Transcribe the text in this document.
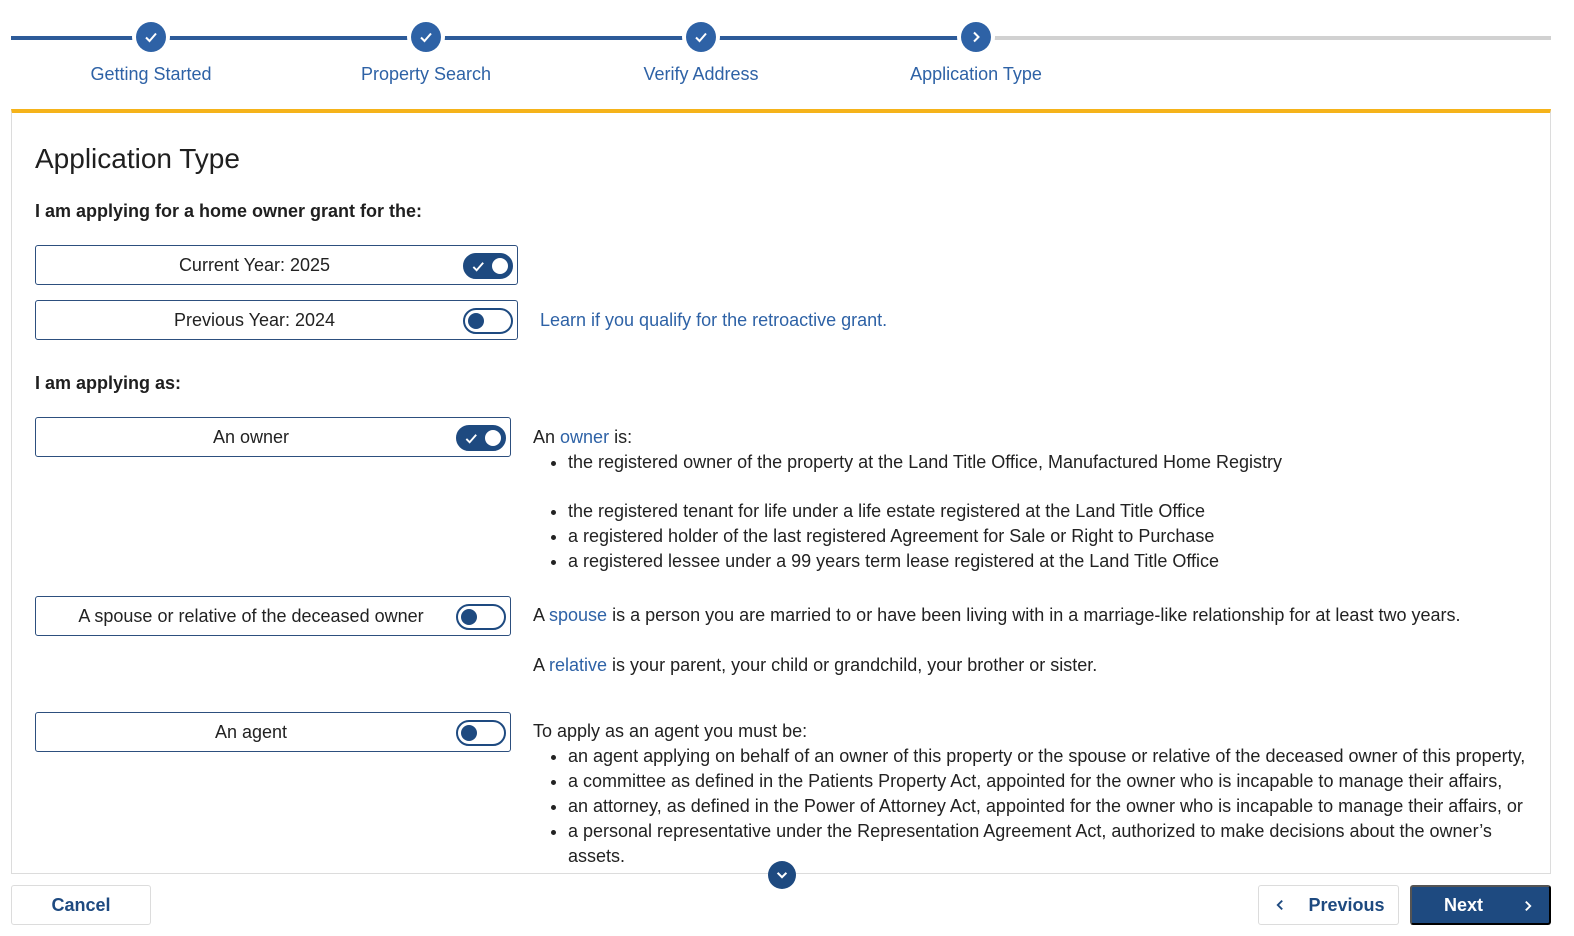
Getting Started	Property Search	Verify Address	Application Type
Application Type
I am applying for a home owner grant for the:
Current Year: 2025
Previous Year: 2024	Learn if you qualify for the retroactive grant.
I am applying as:
An owner	An owner is:
• the registered owner of the property at the Land Title Office, Manufactured Home Registry
• the registered tenant for life under a life estate registered at the Land Title Office
• a registered holder of the last registered Agreement for Sale or Right to Purchase
• a registered lessee under a 99 years term lease registered at the Land Title Office
A spouse or relative of the deceased owner	A spouse is a person you are married to or have been living with in a marriage-like relationship for at least two years.
A relative is your parent, your child or grandchild, your brother or sister.
An agent	To apply as an agent you must be:
• an agent applying on behalf of an owner of this property or the spouse or relative of the deceased owner of this property,
• a committee as defined in the Patients Property Act, appointed for the owner who is incapable to manage their affairs,
• an attorney, as defined in the Power of Attorney Act, appointed for the owner who is incapable to manage their affairs, or
• a personal representative under the Representation Agreement Act, authorized to make decisions about the owner’s assets.
Cancel	Previous	Next
